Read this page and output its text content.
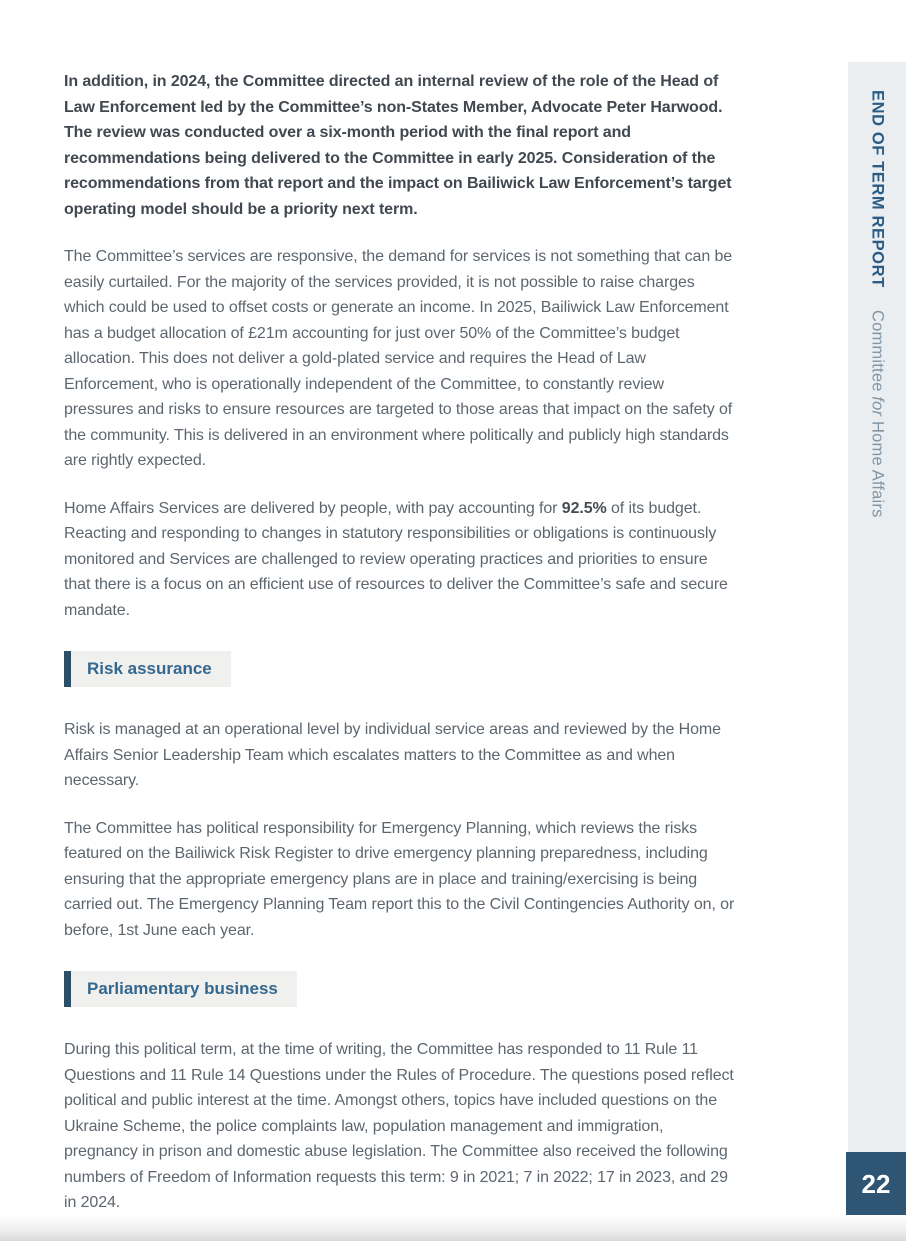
In addition, in 2024, the Committee directed an internal review of the role of the Head of Law Enforcement led by the Committee’s non-States Member, Advocate Peter Harwood. The review was conducted over a six-month period with the final report and recommendations being delivered to the Committee in early 2025. Consideration of the recommendations from that report and the impact on Bailiwick Law Enforcement’s target operating model should be a priority next term.

The Committee’s services are responsive, the demand for services is not something that can be easily curtailed. For the majority of the services provided, it is not possible to raise charges which could be used to offset costs or generate an income. In 2025, Bailiwick Law Enforcement has a budget allocation of £21m accounting for just over 50% of the Committee’s budget allocation. This does not deliver a gold-plated service and requires the Head of Law Enforcement, who is operationally independent of the Committee, to constantly review pressures and risks to ensure resources are targeted to those areas that impact on the safety of the community. This is delivered in an environment where politically and publicly high standards are rightly expected.

Home Affairs Services are delivered by people, with pay accounting for 92.5% of its budget. Reacting and responding to changes in statutory responsibilities or obligations is continuously monitored and Services are challenged to review operating practices and priorities to ensure that there is a focus on an efficient use of resources to deliver the Committee’s safe and secure mandate.

Risk assurance

Risk is managed at an operational level by individual service areas and reviewed by the Home Affairs Senior Leadership Team which escalates matters to the Committee as and when necessary.

The Committee has political responsibility for Emergency Planning, which reviews the risks featured on the Bailiwick Risk Register to drive emergency planning preparedness, including ensuring that the appropriate emergency plans are in place and training/exercising is being carried out. The Emergency Planning Team report this to the Civil Contingencies Authority on, or before, 1st June each year.

Parliamentary business

During this political term, at the time of writing, the Committee has responded to 11 Rule 11 Questions and 11 Rule 14 Questions under the Rules of Procedure. The questions posed reflect political and public interest at the time. Amongst others, topics have included questions on the Ukraine Scheme, the police complaints law, population management and immigration, pregnancy in prison and domestic abuse legislation. The Committee also received the following numbers of Freedom of Information requests this term: 9 in 2021; 7 in 2022; 17 in 2023, and 29 in 2024.

END OF TERM REPORTCommittee for Home Affairs
22
